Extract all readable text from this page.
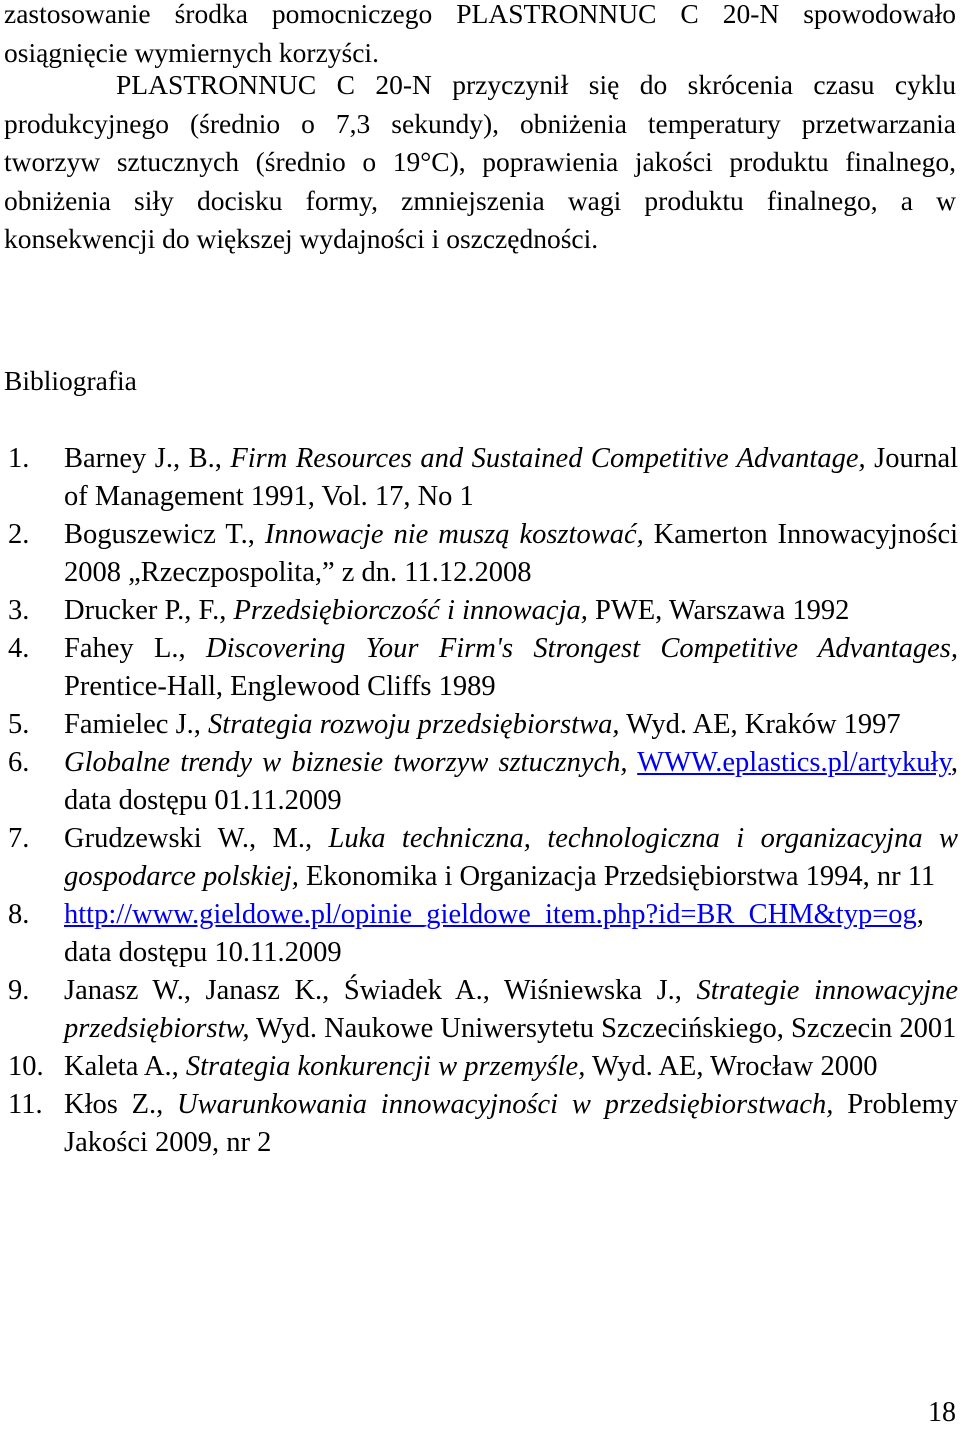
zastosowanie środka pomocniczego PLASTRONNUC C 20-N spowodowało osiągnięcie wymiernych korzyści.

PLASTRONNUC C 20-N przyczynił się do skrócenia czasu cyklu produkcyjnego (średnio o 7,3 sekundy), obniżenia temperatury przetwarzania tworzyw sztucznych (średnio o 19°C), poprawienia jakości produktu finalnego, obniżenia siły docisku formy, zmniejszenia wagi produktu finalnego, a w konsekwencji do większej wydajności i oszczędności.

Bibliografia
1. Barney J., B., Firm Resources and Sustained Competitive Advantage, Journal of Management 1991, Vol. 17, No 1
2. Boguszewicz T., Innowacje nie muszą kosztować, Kamerton Innowacyjności 2008 „Rzeczpospolita,” z dn. 11.12.2008
3. Drucker P., F., Przedsiębiorczość i innowacja, PWE, Warszawa 1992
4. Fahey L., Discovering Your Firm's Strongest Competitive Advantages, Prentice-Hall, Englewood Cliffs 1989
5. Famielec J., Strategia rozwoju przedsiębiorstwa, Wyd. AE, Kraków 1997
6. Globalne trendy w biznesie tworzyw sztucznych, WWW.eplastics.pl/artykuły, data dostępu 01.11.2009
7. Grudzewski W., M., Luka techniczna, technologiczna i organizacyjna w gospodarce polskiej, Ekonomika i Organizacja Przedsiębiorstwa 1994, nr 11
8. http://www.gieldowe.pl/opinie_gieldowe_item.php?id=BR_CHM&typ=og, data dostępu 10.11.2009
9. Janasz W., Janasz K., Świadek A., Wiśniewska J., Strategie innowacyjne przedsiębiorstw, Wyd. Naukowe Uniwersytetu Szczecińskiego, Szczecin 2001
10. Kaleta A., Strategia konkurencji w przemyśle, Wyd. AE, Wrocław 2000
11. Kłos Z., Uwarunkowania innowacyjności w przedsiębiorstwach, Problemy Jakości 2009, nr 2
18
